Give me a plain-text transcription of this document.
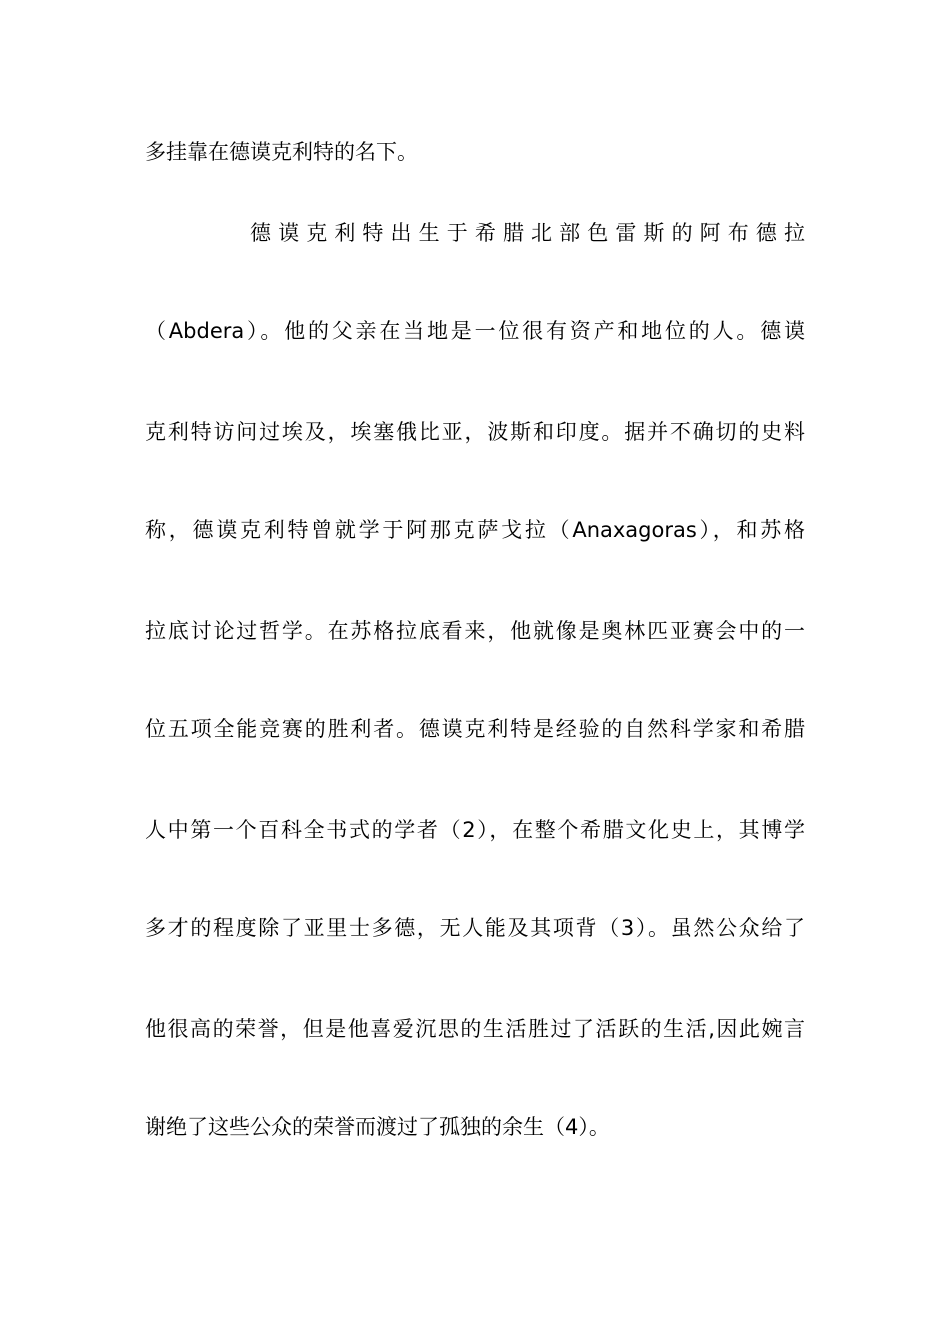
多挂靠在德谟克利特的名下。
德谟克利特出生于希腊北部色雷斯的阿布德拉
（Abdera）。他的父亲在当地是一位很有资产和地位的人。德谟
克利特访问过埃及，埃塞俄比亚，波斯和印度。据并不确切的史料
称，德谟克利特曾就学于阿那克萨戈拉（Anaxagoras），和苏格
拉底讨论过哲学。在苏格拉底看来，他就像是奥林匹亚赛会中的一
位五项全能竞赛的胜利者。德谟克利特是经验的自然科学家和希腊
人中第一个百科全书式的学者（2），在整个希腊文化史上，其博学
多才的程度除了亚里士多德，无人能及其项背（3）。虽然公众给了
他很高的荣誉，但是他喜爱沉思的生活胜过了活跃的生活,因此婉言
谢绝了这些公众的荣誉而渡过了孤独的余生（4）。
